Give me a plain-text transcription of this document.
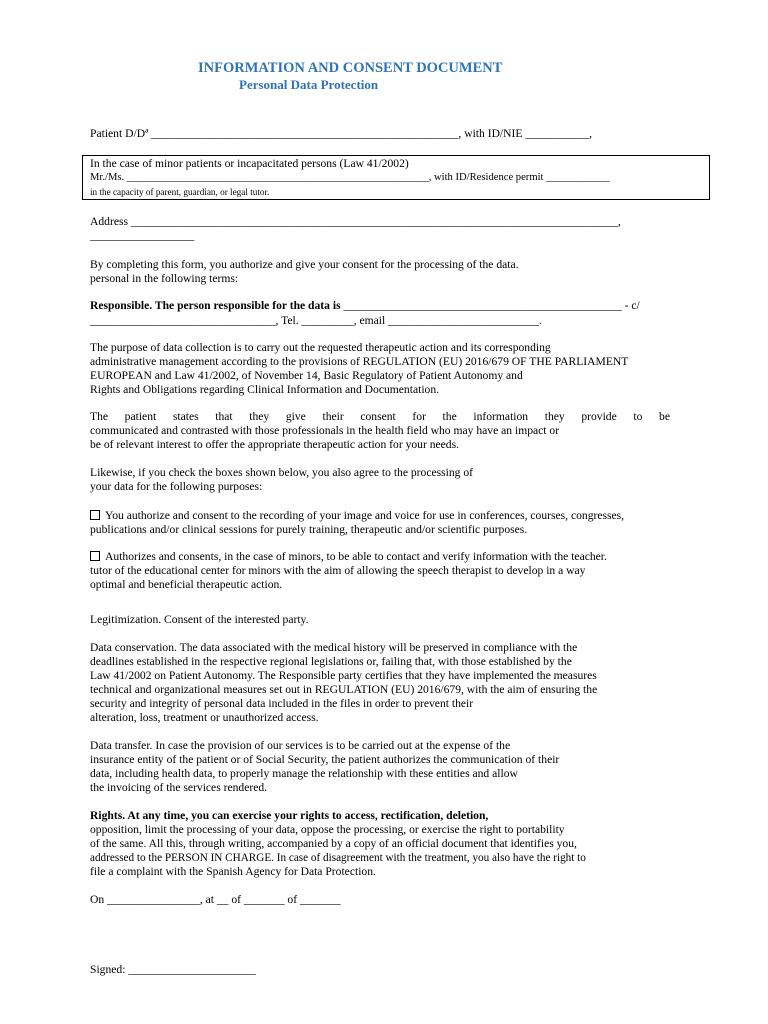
INFORMATION AND CONSENT DOCUMENT
Personal Data Protection
Patient D/Dª _____________________________________________________, with ID/NIE ___________,
In the case of minor patients or incapacitated persons (Law 41/2002)
Mr./Ms. _________________________________________________________, with ID/Residence permit ____________
in the capacity of parent, guardian, or legal tutor.
Address ____________________________________________________________________________________,
__________________
By completing this form, you authorize and give your consent for the processing of the data.
personal in the following terms:
Responsible. The person responsible for the data is ________________________________________________ - c/
________________________________, Tel. _________, email __________________________.
The purpose of data collection is to carry out the requested therapeutic action and its corresponding
administrative management according to the provisions of REGULATION (EU) 2016/679 OF THE PARLIAMENT
EUROPEAN and Law 41/2002, of November 14, Basic Regulatory of Patient Autonomy and
Rights and Obligations regarding Clinical Information and Documentation.
The patient states that they give their consent for the information they provide to be
communicated and contrasted with those professionals in the health field who may have an impact or
be of relevant interest to offer the appropriate therapeutic action for your needs.
Likewise, if you check the boxes shown below, you also agree to the processing of
your data for the following purposes:
You authorize and consent to the recording of your image and voice for use in conferences, courses, congresses,
publications and/or clinical sessions for purely training, therapeutic and/or scientific purposes.
Authorizes and consents, in the case of minors, to be able to contact and verify information with the teacher.
tutor of the educational center for minors with the aim of allowing the speech therapist to develop in a way
optimal and beneficial therapeutic action.
Legitimization. Consent of the interested party.
Data conservation. The data associated with the medical history will be preserved in compliance with the
deadlines established in the respective regional legislations or, failing that, with those established by the
Law 41/2002 on Patient Autonomy. The Responsible party certifies that they have implemented the measures
technical and organizational measures set out in REGULATION (EU) 2016/679, with the aim of ensuring the
security and integrity of personal data included in the files in order to prevent their
alteration, loss, treatment or unauthorized access.
Data transfer. In case the provision of our services is to be carried out at the expense of the
insurance entity of the patient or of Social Security, the patient authorizes the communication of their
data, including health data, to properly manage the relationship with these entities and allow
the invoicing of the services rendered.
Rights. At any time, you can exercise your rights to access, rectification, deletion,
opposition, limit the processing of your data, oppose the processing, or exercise the right to portability
of the same. All this, through writing, accompanied by a copy of an official document that identifies you,
addressed to the PERSON IN CHARGE. In case of disagreement with the treatment, you also have the right to
file a complaint with the Spanish Agency for Data Protection.
On ________________, at __ of _______ of _______
Signed: ______________________
